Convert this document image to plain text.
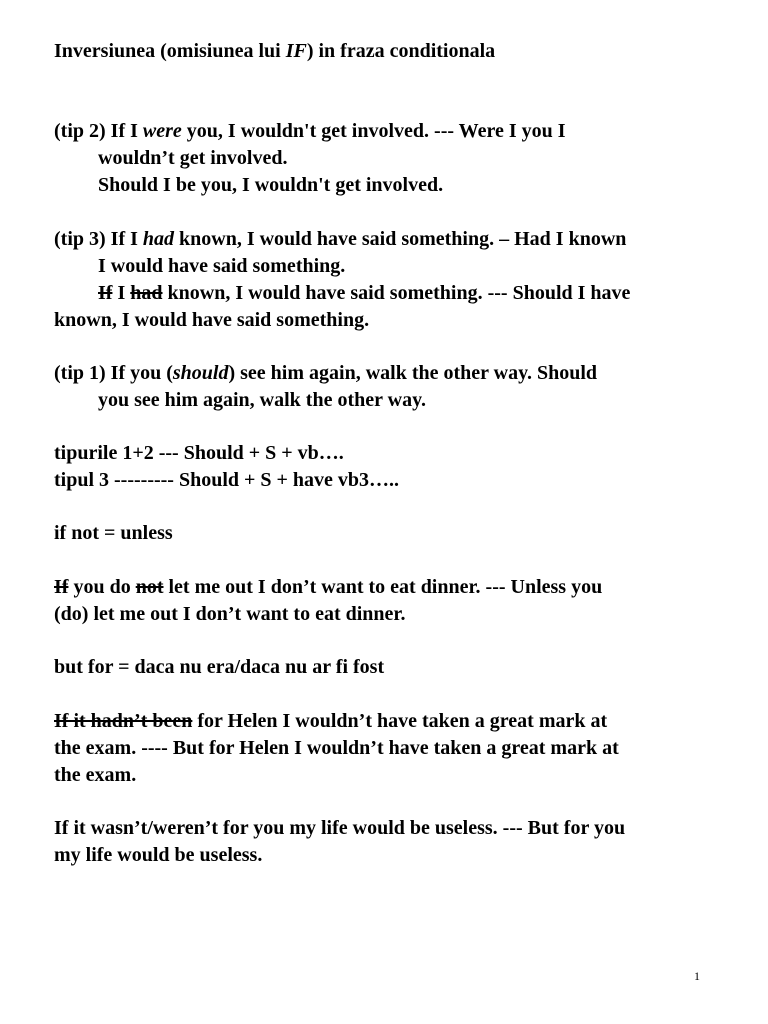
Inversiunea (omisiunea lui IF) in fraza conditionala
(tip 2) If I were you, I wouldn't get involved. --- Were I you I
wouldn’t get involved.
Should I be you, I wouldn't get involved.
(tip 3) If I had known, I would have said something. – Had I known
I would have said something.
If I had known, I would have said something. --- Should I have
known, I would have said something.
(tip 1) If you (should) see him again, walk the other way. Should
you see him again, walk the other way.
tipurile 1+2 --- Should + S + vb….
tipul 3 --------- Should + S + have vb3…..
if not = unless
If you do not let me out I don’t want to eat dinner. --- Unless you
(do) let me out I don’t want to eat dinner.
but for = daca nu era/daca nu ar fi fost
If it hadn’t been for Helen I wouldn’t have taken a great mark at
the exam. ---- But for Helen I wouldn’t have taken a great mark at
the exam.
If it wasn’t/weren’t for you my life would be useless. --- But for you
my life would be useless.
1
